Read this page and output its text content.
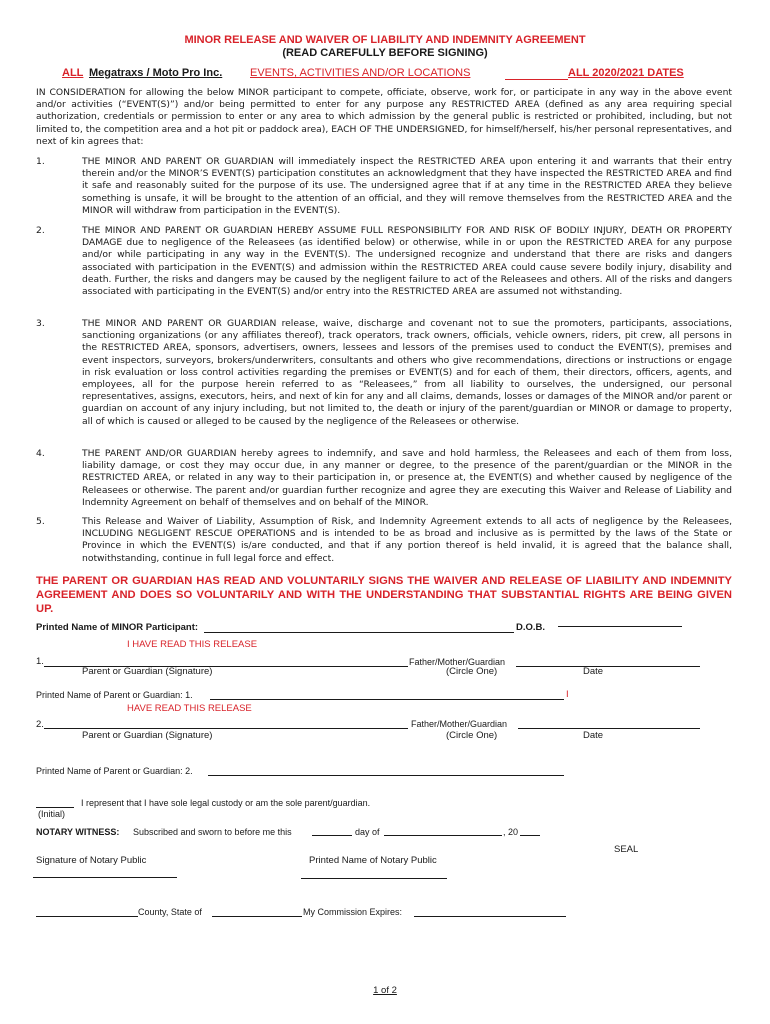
MINOR RELEASE AND WAIVER OF LIABILITY AND INDEMNITY AGREEMENT
(READ CAREFULLY BEFORE SIGNING)
ALL Megatraxs / Moto Pro Inc.	EVENTS, ACTIVITIES AND/OR LOCATIONS	ALL 2020/2021 DATES
IN CONSIDERATION for allowing the below MINOR participant to compete, officiate, observe, work for, or participate in any way in the above event and/or activities (“EVENT(S)”) and/or being permitted to enter for any purpose any RESTRICTED AREA (defined as any area requiring special authorization, credentials or permission to enter or any area to which admission by the general public is restricted or prohibited, including, but not limited to, the competition area and a hot pit or paddock area), EACH OF THE UNDERSIGNED, for himself/herself, his/her personal representatives, and next of kin agrees that:
1.	THE MINOR AND PARENT OR GUARDIAN will immediately inspect the RESTRICTED AREA upon entering it and warrants that their entry therein and/or the MINOR’S EVENT(S) participation constitutes an acknowledgment that they have inspected the RESTRICTED AREA and find it safe and reasonably suited for the purpose of its use. The undersigned agree that if at any time in the RESTRICTED AREA they believe something is unsafe, it will be brought to the attention of an official, and they will remove themselves from the RESTRICTED AREA and the MINOR will withdraw from participation in the EVENT(S).
2.	THE MINOR AND PARENT OR GUARDIAN HEREBY ASSUME FULL RESPONSIBILITY FOR AND RISK OF BODILY INJURY, DEATH OR PROPERTY DAMAGE due to negligence of the Releasees (as identified below) or otherwise, while in or upon the RESTRICTED AREA for any purpose and/or while participating in any way in the EVENT(S). The undersigned recognize and understand that there are risks and dangers associated with participation in the EVENT(S) and admission within the RESTRICTED AREA could cause severe bodily injury, disability and death. Further, the risks and dangers may be caused by the negligent failure to act of the Releasees and others. All of the risks and dangers associated with participating in the EVENT(S) and/or entry into the RESTRICTED AREA are assumed not withstanding.
3.	THE MINOR AND PARENT OR GUARDIAN release, waive, discharge and covenant not to sue the promoters, participants, associations, sanctioning organizations (or any affiliates thereof), track operators, track owners, officials, vehicle owners, riders, pit crew, all persons in the RESTRICTED AREA, sponsors, advertisers, owners, lessees and lessors of the premises used to conduct the EVENT(S), premises and event inspectors, surveyors, brokers/underwriters, consultants and others who give recommendations, directions or instructions or engage in risk evaluation or loss control activities regarding the premises or EVENT(S) and for each of them, their directors, officers, agents, and employees, all for the purpose herein referred to as “Releasees,” from all liability to ourselves, the undersigned, our personal representatives, assigns, executors, heirs, and next of kin for any and all claims, demands, losses or damages of the MINOR and/or parent or guardian on account of any injury including, but not limited to, the death or injury of the parent/guardian or MINOR or damage to property, all of which is caused or alleged to be caused by the negligence of the Releasees or otherwise.
4.	THE PARENT AND/OR GUARDIAN hereby agrees to indemnify, and save and hold harmless, the Releasees and each of them from loss, liability damage, or cost they may occur due, in any manner or degree, to the presence of the parent/guardian or the MINOR in the RESTRICTED AREA, or related in any way to their participation in, or presence at, the EVENT(S) and whether caused by negligence of the Releasees or otherwise. The parent and/or guardian further recognize and agree they are executing this Waiver and Release of Liability and Indemnity Agreement on behalf of themselves and on behalf of the MINOR.
5.	This Release and Waiver of Liability, Assumption of Risk, and Indemnity Agreement extends to all acts of negligence by the Releasees, INCLUDING NEGLIGENT RESCUE OPERATIONS and is intended to be as broad and inclusive as is permitted by the laws of the State or Province in which the EVENT(S) is/are conducted, and that if any portion thereof is held invalid, it is agreed that the balance shall, notwithstanding, continue in full legal force and effect.
THE PARENT OR GUARDIAN HAS READ AND VOLUNTARILY SIGNS THE WAIVER AND RELEASE OF LIABILITY AND INDEMNITY AGREEMENT AND DOES SO VOLUNTARILY AND WITH THE UNDERSTANDING THAT SUBSTANTIAL RIGHTS ARE BEING GIVEN UP.
Printed Name of MINOR Participant:	D.O.B.
I HAVE READ THIS RELEASE
1.	Father/Mother/Guardian
Parent or Guardian (Signature)	(Circle One)	Date
Printed Name of Parent or Guardian: 1.	I
HAVE READ THIS RELEASE
2.	Father/Mother/Guardian
Parent or Guardian (Signature)	(Circle One)	Date
Printed Name of Parent or Guardian: 2.
I represent that I have sole legal custody or am the sole parent/guardian.
(Initial)
NOTARY WITNESS: Subscribed and sworn to before me this	day of	, 20
SEAL
Signature of Notary Public	Printed Name of Notary Public
County, State of	My Commission Expires:
1 of 2
